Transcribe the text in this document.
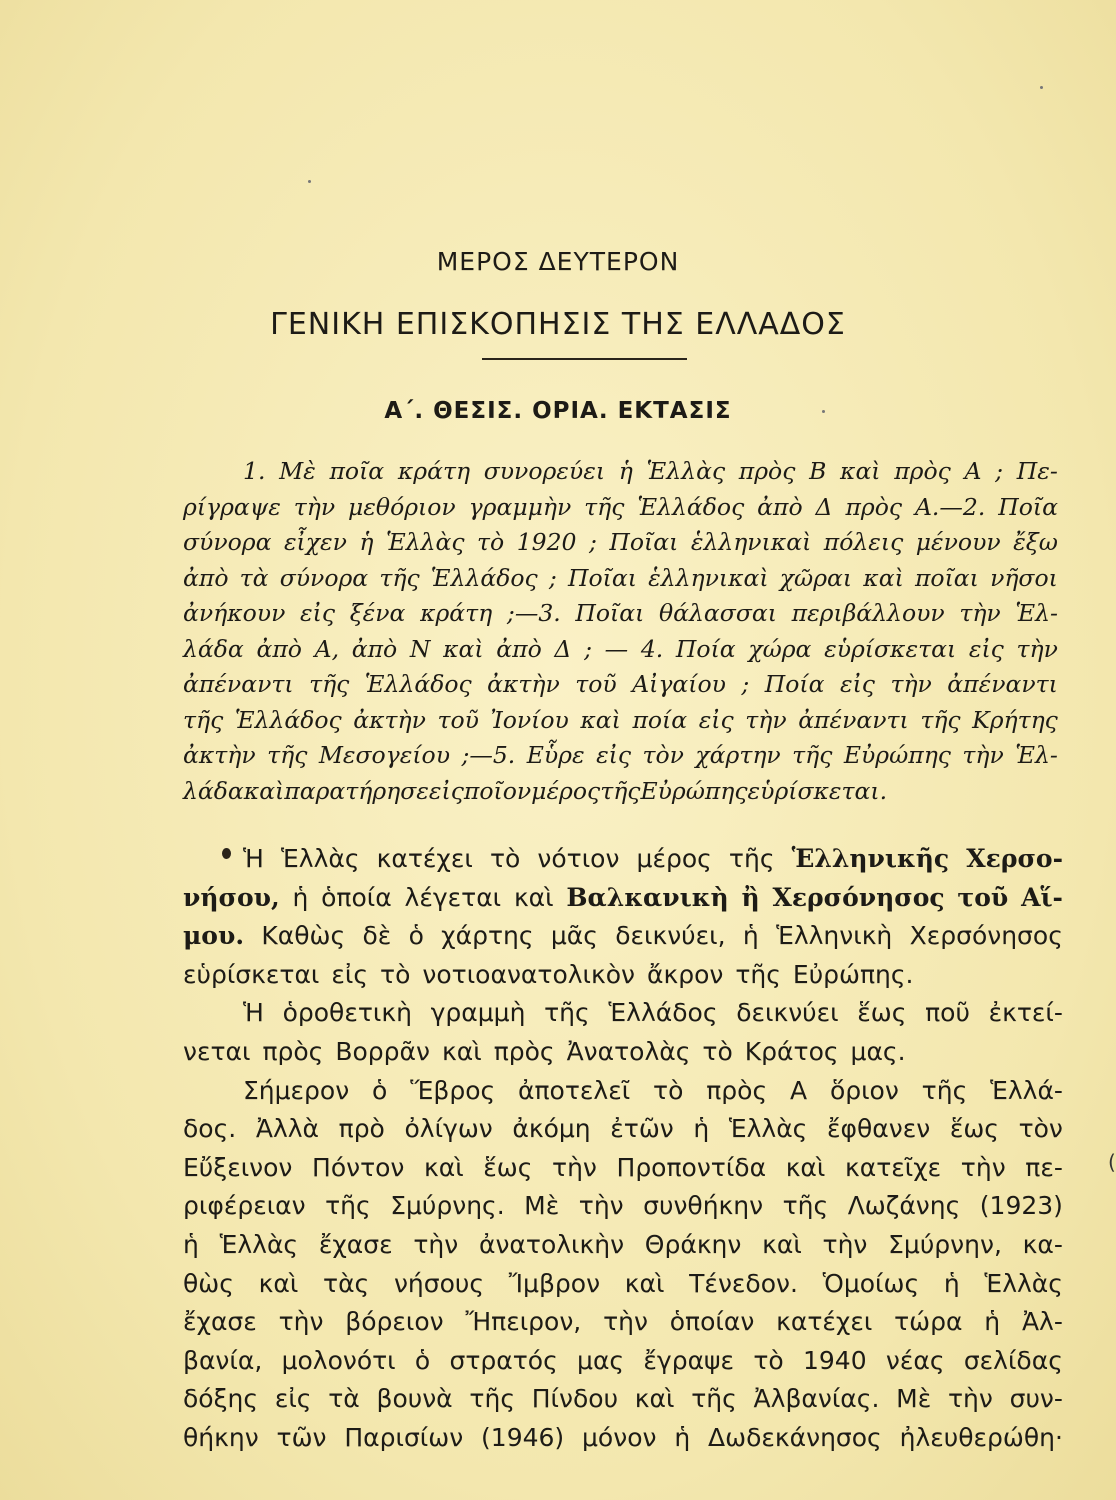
ΜΕΡΟΣ ΔΕΥΤΕΡΟΝ
ΓΕΝΙΚΗ ΕΠΙΣΚΟΠΗΣΙΣ ΤΗΣ ΕΛΛΑΔΟΣ
Α΄. ΘΕΣΙΣ. ΟΡΙΑ. ΕΚΤΑΣΙΣ
1. Μὲ ποῖα κράτη συνορεύει ἡ Ἑλλὰς πρὸς Β καὶ πρὸς Α ; Πε-
ρίγραψε τὴν μεθόριον γραμμὴν τῆς Ἑλλάδος ἀπὸ Δ πρὸς Α.—2. Ποῖα
σύνορα εἶχεν ἡ Ἑλλὰς τὸ 1920 ; Ποῖαι ἑλληνικαὶ πόλεις μένουν ἔξω
ἀπὸ τὰ σύνορα τῆς Ἑλλάδος ; Ποῖαι ἑλληνικαὶ χῶραι καὶ ποῖαι νῆσοι
ἀνήκουν εἰς ξένα κράτη ;—3. Ποῖαι θάλασσαι περιβάλλουν τὴν Ἑλ-
λάδα ἀπὸ Α, ἀπὸ Ν καὶ ἀπὸ Δ ; — 4. Ποία χώρα εὑρίσκεται εἰς τὴν
ἀπέναντι τῆς Ἑλλάδος ἀκτὴν τοῦ Αἰγαίου ; Ποία εἰς τὴν ἀπέναντι
τῆς Ἑλλάδος ἀκτὴν τοῦ Ἰονίου καὶ ποία εἰς τὴν ἀπέναντι τῆς Κρήτης
ἀκτὴν τῆς Μεσογείου ;—5. Εὗρε εἰς τὸν χάρτην τῆς Εὐρώπης τὴν Ἑλ-
λάδα καὶ παρατήρησε εἰς ποῖον μέρος τῆς Εὐρώπης εὑρίσκεται.
Ἡ Ἑλλὰς κατέχει τὸ νότιον μέρος τῆς Ἑλληνικῆς Χερσο-
νήσου, ἡ ὁποία λέγεται καὶ Βαλκανικὴ ἢ Χερσόνησος τοῦ Αἵ-
μου. Καθὼς δὲ ὁ χάρτης μᾶς δεικνύει, ἡ Ἑλληνικὴ Χερσόνησος
εὑρίσκεται εἰς τὸ νοτιοανατολικὸν ἄκρον τῆς Εὐρώπης.
Ἡ ὁροθετικὴ γραμμὴ τῆς Ἑλλάδος δεικνύει ἕως ποῦ ἐκτεί-
νεται πρὸς Βορρᾶν καὶ πρὸς Ἀνατολὰς τὸ Κράτος μας.
Σήμερον ὁ Ἕβρος ἀποτελεῖ τὸ πρὸς Α ὅριον τῆς Ἑλλά-
δος. Ἀλλὰ πρὸ ὀλίγων ἀκόμη ἐτῶν ἡ Ἑλλὰς ἔφθανεν ἕως τὸν
Εὔξεινον Πόντον καὶ ἕως τὴν Προποντίδα καὶ κατεῖχε τὴν πε-
ριφέρειαν τῆς Σμύρνης. Μὲ τὴν συνθήκην τῆς Λωζάνης (1923)
ἡ Ἑλλὰς ἔχασε τὴν ἀνατολικὴν Θράκην καὶ τὴν Σμύρνην, κα-
θὼς καὶ τὰς νήσους Ἴμβρον καὶ Τένεδον. Ὁμοίως ἡ Ἑλλὰς
ἔχασε τὴν βόρειον Ἤπειρον, τὴν ὁποίαν κατέχει τώρα ἡ Ἀλ-
βανία, μολονότι ὁ στρατός μας ἔγραψε τὸ 1940 νέας σελίδας
δόξης εἰς τὰ βουνὰ τῆς Πίνδου καὶ τῆς Ἀλβανίας. Μὲ τὴν συν-
θήκην τῶν Παρισίων (1946) μόνον ἡ Δωδεκάνησος ἠλευθερώθη·
(
